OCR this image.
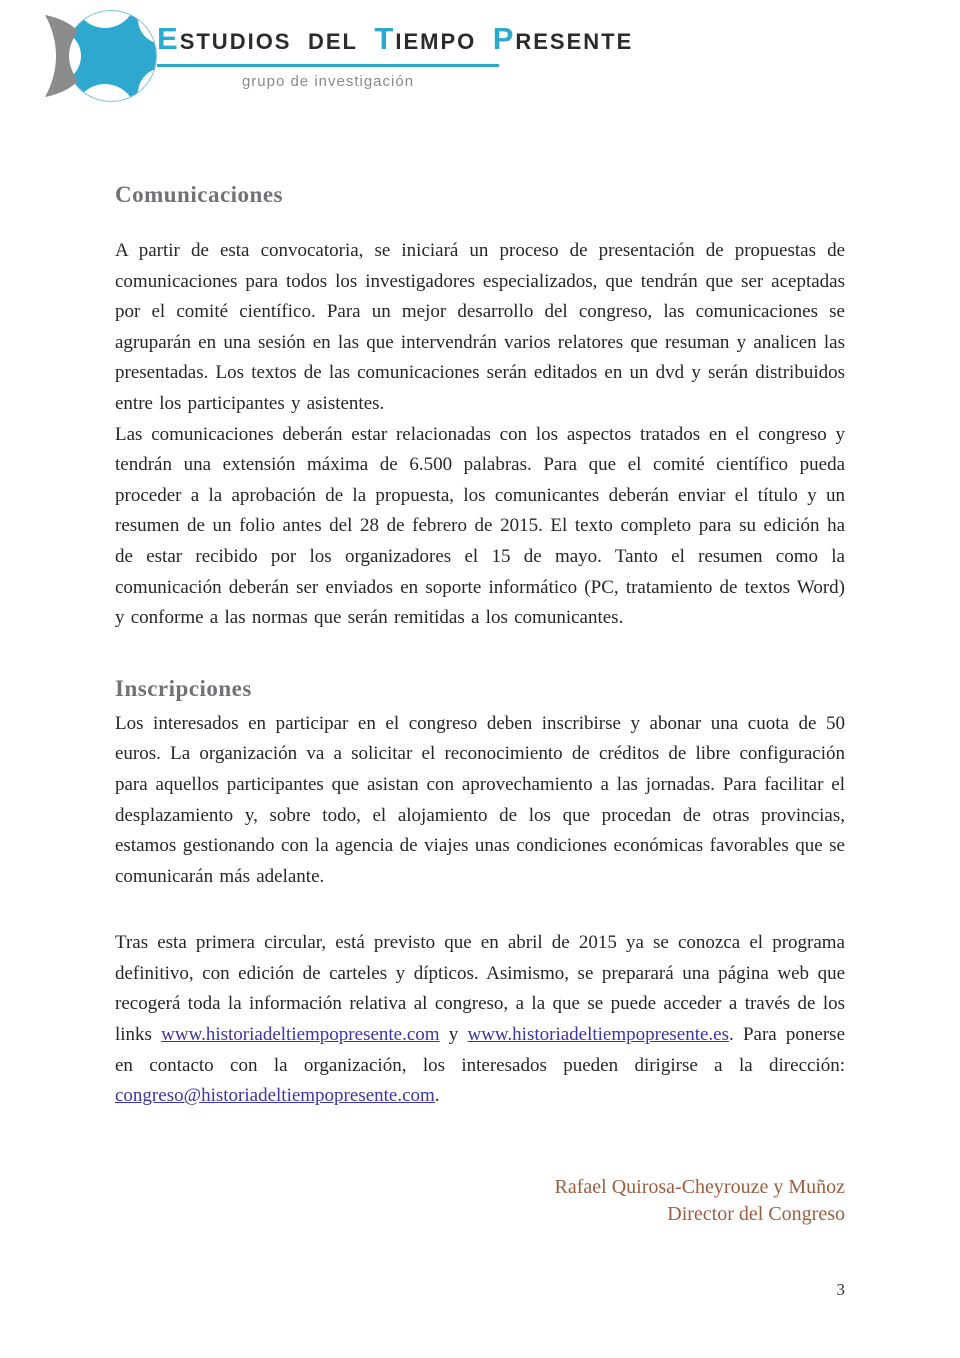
ESTUDIOS DEL TIEMPO PRESENTE
grupo de investigación
Comunicaciones

A partir de esta convocatoria, se iniciará un proceso de presentación de propuestas de comunicaciones para todos los investigadores especializados, que tendrán que ser aceptadas por el comité científico. Para un mejor desarrollo del congreso, las comunicaciones se agruparán en una sesión en las que intervendrán varios relatores que resuman y analicen las presentadas. Los textos de las comunicaciones serán editados en un dvd y serán distribuidos entre los participantes y asistentes.

Las comunicaciones deberán estar relacionadas con los aspectos tratados en el congreso y tendrán una extensión máxima de 6.500 palabras. Para que el comité científico pueda proceder a la aprobación de la propuesta, los comunicantes deberán enviar el título y un resumen de un folio antes del 28 de febrero de 2015. El texto completo para su edición ha de estar recibido por los organizadores el 15 de mayo. Tanto el resumen como la comunicación deberán ser enviados en soporte informático (PC, tratamiento de textos Word) y conforme a las normas que serán remitidas a los comunicantes.

Inscripciones

Los interesados en participar en el congreso deben inscribirse y abonar una cuota de 50 euros. La organización va a solicitar el reconocimiento de créditos de libre configuración para aquellos participantes que asistan con aprovechamiento a las jornadas. Para facilitar el desplazamiento y, sobre todo, el alojamiento de los que procedan de otras provincias, estamos gestionando con la agencia de viajes unas condiciones económicas favorables que se comunicarán más adelante.

Tras esta primera circular, está previsto que en abril de 2015 ya se conozca el programa definitivo, con edición de carteles y dípticos. Asimismo, se preparará una página web que recogerá toda la información relativa al congreso, a la que se puede acceder a través de los links www.historiadeltiempopresente.com y www.historiadeltiempopresente.es. Para ponerse en contacto con la organización, los interesados pueden dirigirse a la dirección: congreso@historiadeltiempopresente.com.

Rafael Quirosa-Cheyrouze y Muñoz
Director del Congreso
3
